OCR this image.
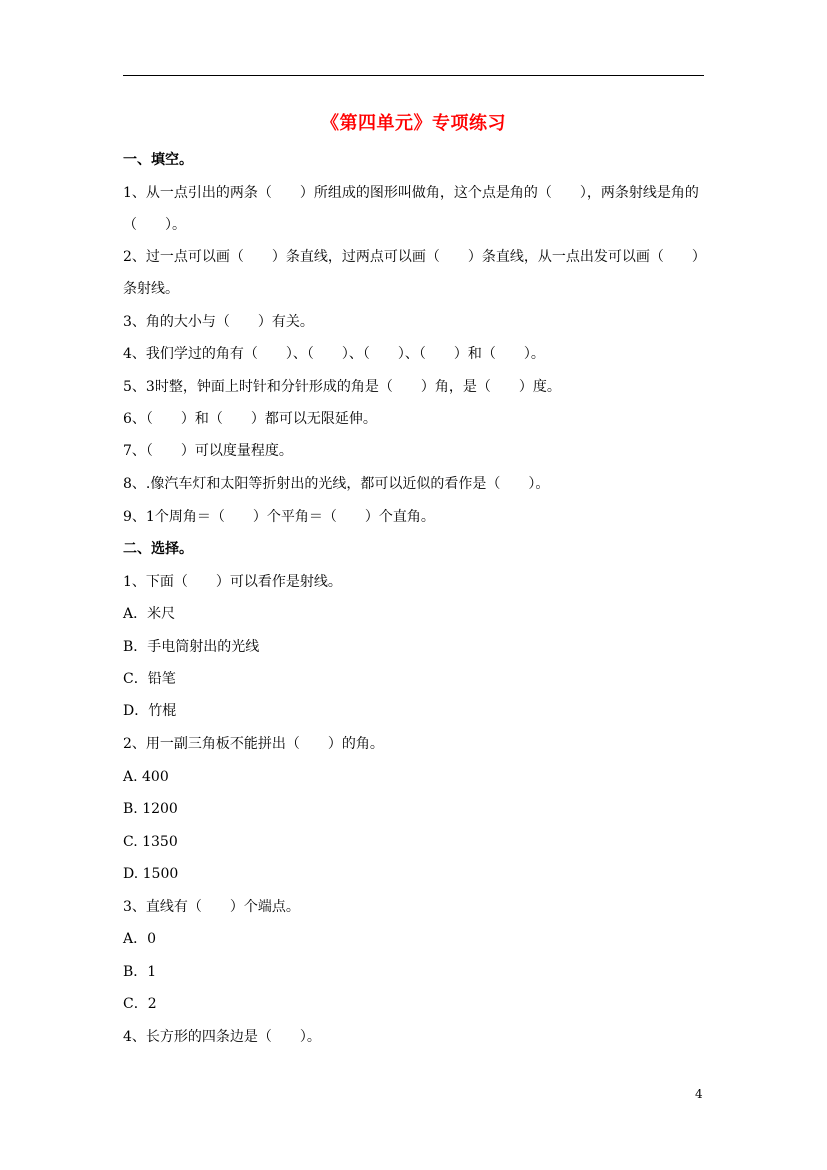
《第四单元》专项练习
一、填空。
1、从一点引出的两条（　　）所组成的图形叫做角，这个点是角的（　　），两条射线是角的
（　　）。
2、过一点可以画（　　）条直线，过两点可以画（　　）条直线，从一点出发可以画（　　）
条射线。
3、角的大小与（　　）有关。
4、我们学过的角有（　　）、（　　）、（　　）、（　　）和（　　）。
5、3时整，钟面上时针和分针形成的角是（　　）角，是（　　）度。
6、（　　）和（　　）都可以无限延伸。
7、（　　）可以度量程度。
8、.像汽车灯和太阳等折射出的光线，都可以近似的看作是（　　）。
9、1个周角＝（　　）个平角＝（　　）个直角。
二、选择。
1、下面（　　）可以看作是射线。
A．米尺
B．手电筒射出的光线
C．铅笔
D．竹棍
2、用一副三角板不能拼出（　　）的角。
A. 400
B. 1200
C. 1350
D. 1500
3、直线有（　　）个端点。
A．0
B．1
C．2
4、长方形的四条边是（　　）。
4
